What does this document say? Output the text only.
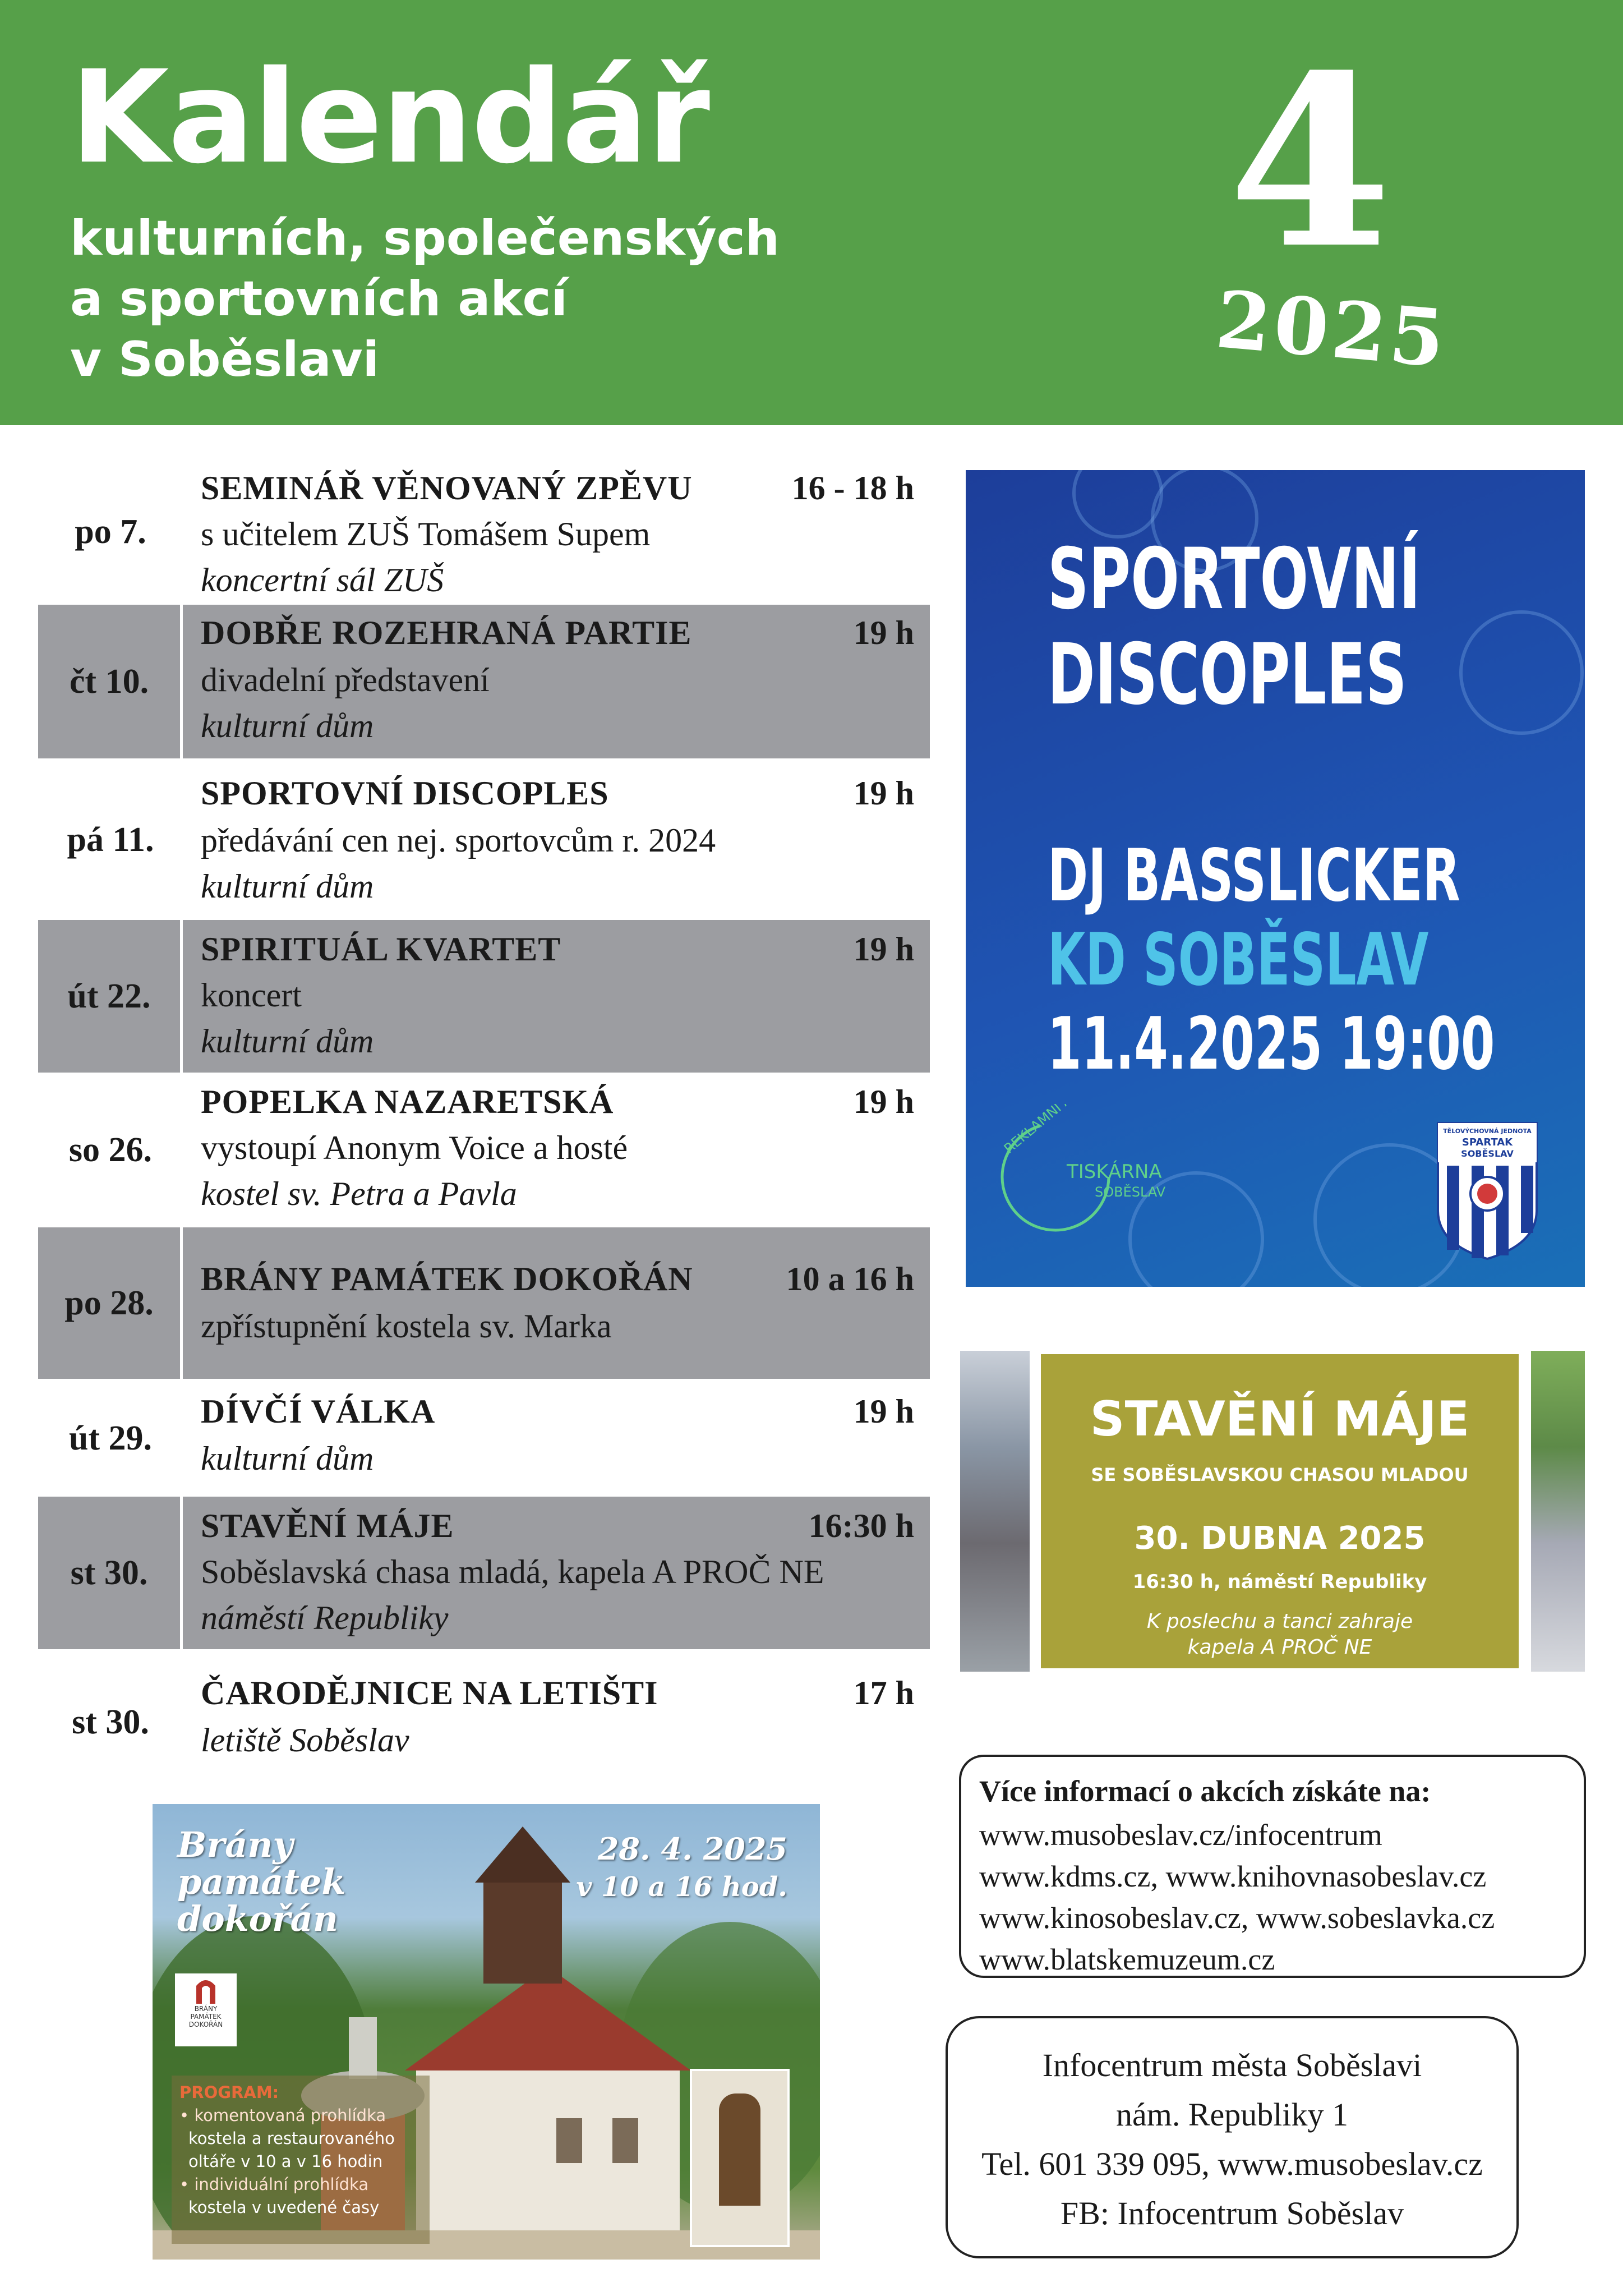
Kalendář
kulturních, společenských
a sportovních akcí
v Soběslavi
4
2025
po 7.
SEMINÁŘ VĚNOVANÝ ZPĚVU	16 - 18 h
s učitelem ZUŠ Tomášem Supem
koncertní sál ZUŠ
čt 10.
DOBŘE ROZEHRANÁ PARTIE	19 h
divadelní představení
kulturní dům
pá 11.
SPORTOVNÍ DISCOPLES	19 h
předávání cen nej. sportovcům r. 2024
kulturní dům
út 22.
SPIRITUÁL KVARTET	19 h
koncert
kulturní dům
so 26.
POPELKA NAZARETSKÁ	19 h
vystoupí Anonym Voice a hosté
kostel sv. Petra a Pavla
po 28.
BRÁNY PAMÁTEK DOKOŘÁN	10 a 16 h
zpřístupnění kostela sv. Marka
út 29.
DÍVČÍ VÁLKA	19 h
kulturní dům
st 30.
STAVĚNÍ MÁJE	16:30 h
Soběslavská chasa mladá, kapela A PROČ NE
náměstí Republiky
st 30.
ČARODĚJNICE NA LETIŠTI	17 h
letiště Soběslav
SPORTOVNÍ
DISCOPLES
DJ BASSLICKER
KD SOBĚSLAV
11.4.2025 19:00
REKLAMNÍ ATELIÉR
TISKÁRNA
SOBĚSLAV
TĚLOVÝCHOVNÁ JEDNOTA
SPARTAK
SOBĚSLAV
STAVĚNÍ MÁJE
SE SOBĚSLAVSKOU CHASOU MLADOU
30. DUBNA 2025
16:30 h, náměstí Republiky
K poslechu a tanci zahraje
kapela A PROČ NE
Brány
památek
dokořán
28. 4. 2025
v 10 a 16 hod.
BRÁNY
PAMÁTEK
DOKOŘÁN
PROGRAM:
• komentovaná prohlídka
kostela a restaurovaného
oltáře v 10 a v 16 hodin
• individuální prohlídka
kostela v uvedené časy
Více informací o akcích získáte na:
www.musobeslav.cz/infocentrum
www.kdms.cz, www.knihovnasobeslav.cz
www.kinosobeslav.cz, www.sobeslavka.cz
www.blatskemuzeum.cz
Infocentrum města Soběslavi
nám. Republiky 1
Tel. 601 339 095, www.musobeslav.cz
FB: Infocentrum Soběslav
